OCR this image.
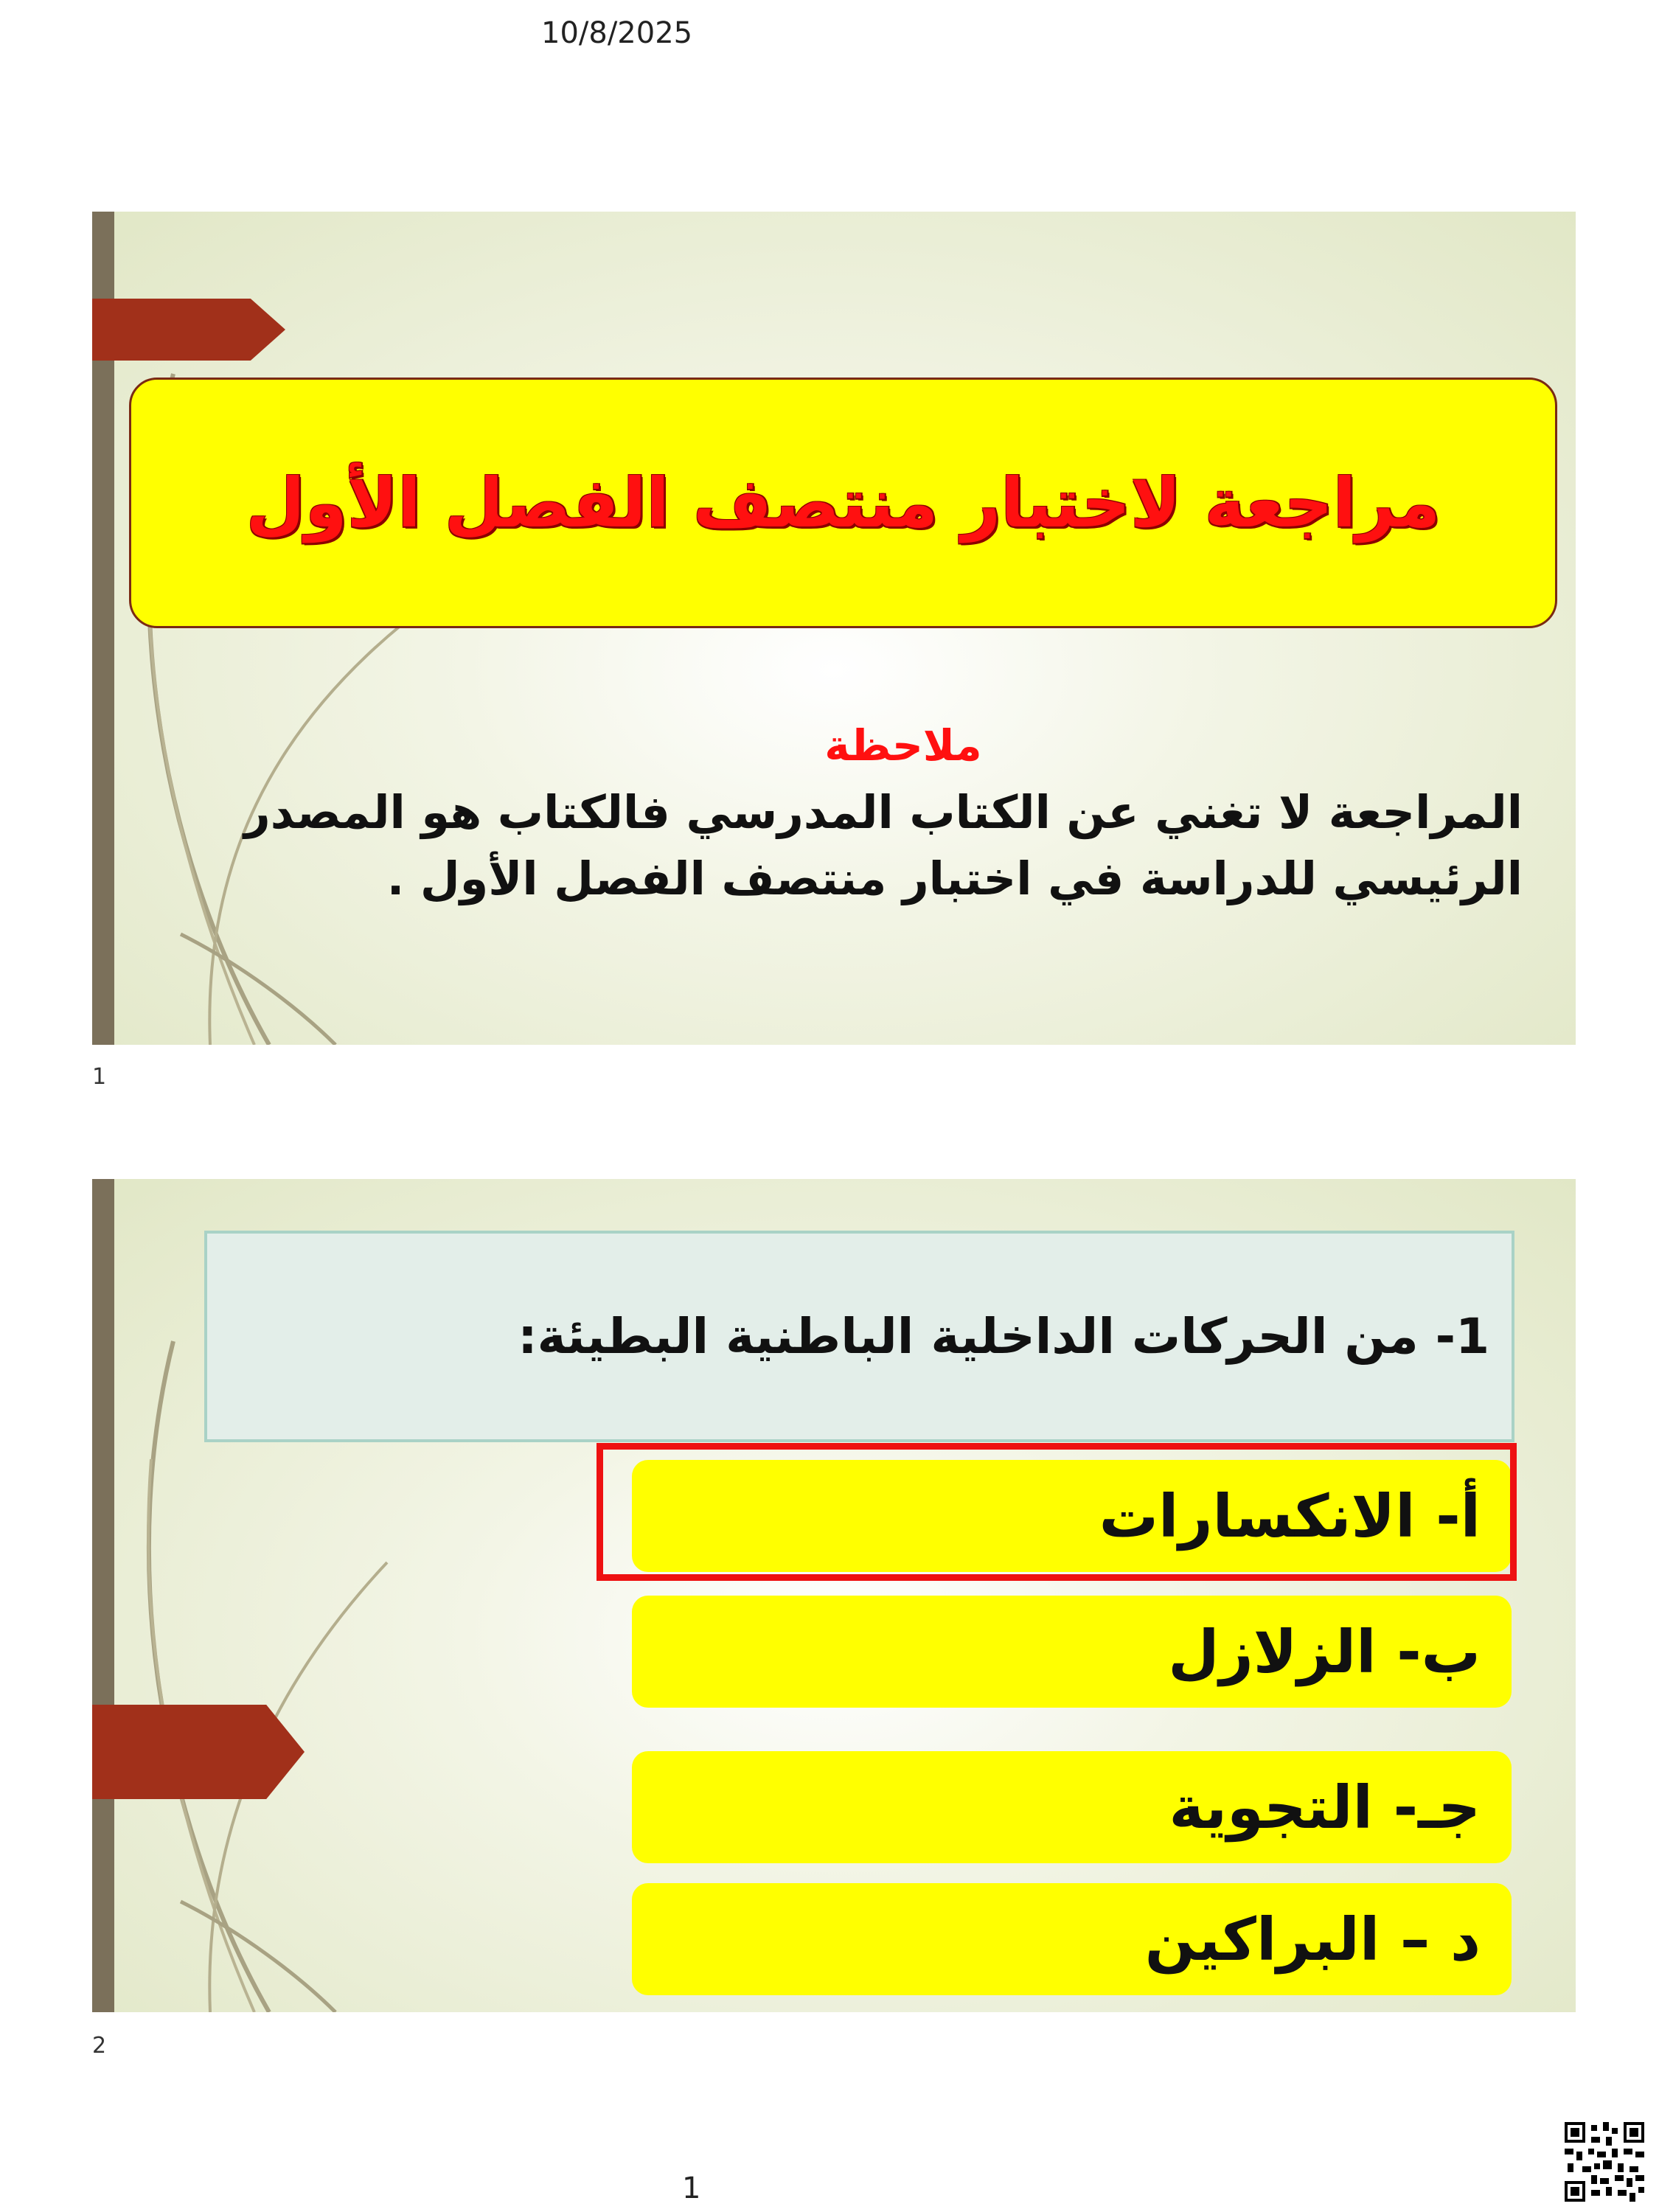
10/8/2025
مراجعة لاختبار منتصف الفصل الأول
ملاحظة
المراجعة لا تغني عن الكتاب المدرسي فالكتاب هو المصدر الرئيسي للدراسة في اختبار منتصف الفصل الأول .
1
1- من الحركات الداخلية الباطنية البطيئة:
أ- الانكسارات
ب- الزلازل
جـ- التجوية
د – البراكين
2
1
